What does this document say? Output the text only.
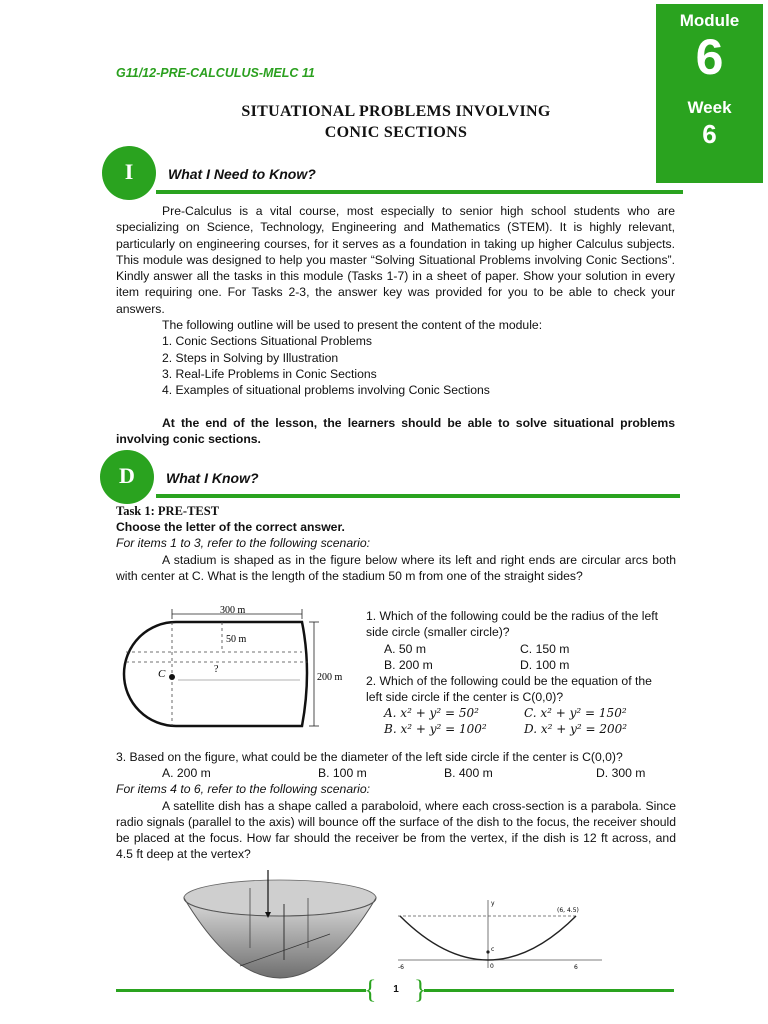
Module
6
Week
6
G11/12-PRE-CALCULUS-MELC 11
SITUATIONAL PROBLEMS INVOLVING
CONIC SECTIONS
I	What I Need to Know?

Pre-Calculus is a vital course, most especially to senior high school students who are specializing on Science, Technology, Engineering and Mathematics (STEM). It is highly relevant, particularly on engineering courses, for it serves as a foundation in taking up higher Calculus subjects. This module was designed to help you master “Solving Situational Problems involving Conic Sections”. Kindly answer all the tasks in this module (Tasks 1-7) in a sheet of paper. Show your solution in every item requiring one. For Tasks 2-3, the answer key was provided for you to be able to check your answers.

The following outline will be used to present the content of the module:

1. Conic Sections Situational Problems
2. Steps in Solving by Illustration
3. Real-Life Problems in Conic Sections
4. Examples of situational problems involving Conic Sections

At the end of the lesson, the learners should be able to solve situational problems involving conic sections.

D	What I Know?
Task 1: PRE-TEST
Choose the letter of the correct answer.
For items 1 to 3, refer to the following scenario:
A stadium is shaped as in the figure below where its left and right ends are circular arcs both with center at C. What is the length of the stadium 50 m from one of the straight sides?
300 m
50 m
C	?
200 m
1. Which of the following could be the radius of the left side circle (smaller circle)?
A. 50 m	C. 150 m
B. 200 m	D. 100 m
2. Which of the following could be the equation of the left side circle if the center is C(0,0)?
A. x² + y² = 50²	C. x² + y² = 150²
B. x² + y² = 100²	D. x² + y² = 200²
3. Based on the figure, what could be the diameter of the left side circle if the center is C(0,0)?
A. 200 m	B. 100 m	B. 400 m	D. 300 m
For items 4 to 6, refer to the following scenario:
A satellite dish has a shape called a paraboloid, where each cross-section is a parabola. Since radio signals (parallel to the axis) will bounce off the surface of the dish to the focus, the receiver should be placed at the focus. How far should the receiver be from the vertex, if the dish is 12 ft across, and 4.5 ft deep at the vertex?
(6, 4.5)
-6	6
0
y
c
{ }
1
